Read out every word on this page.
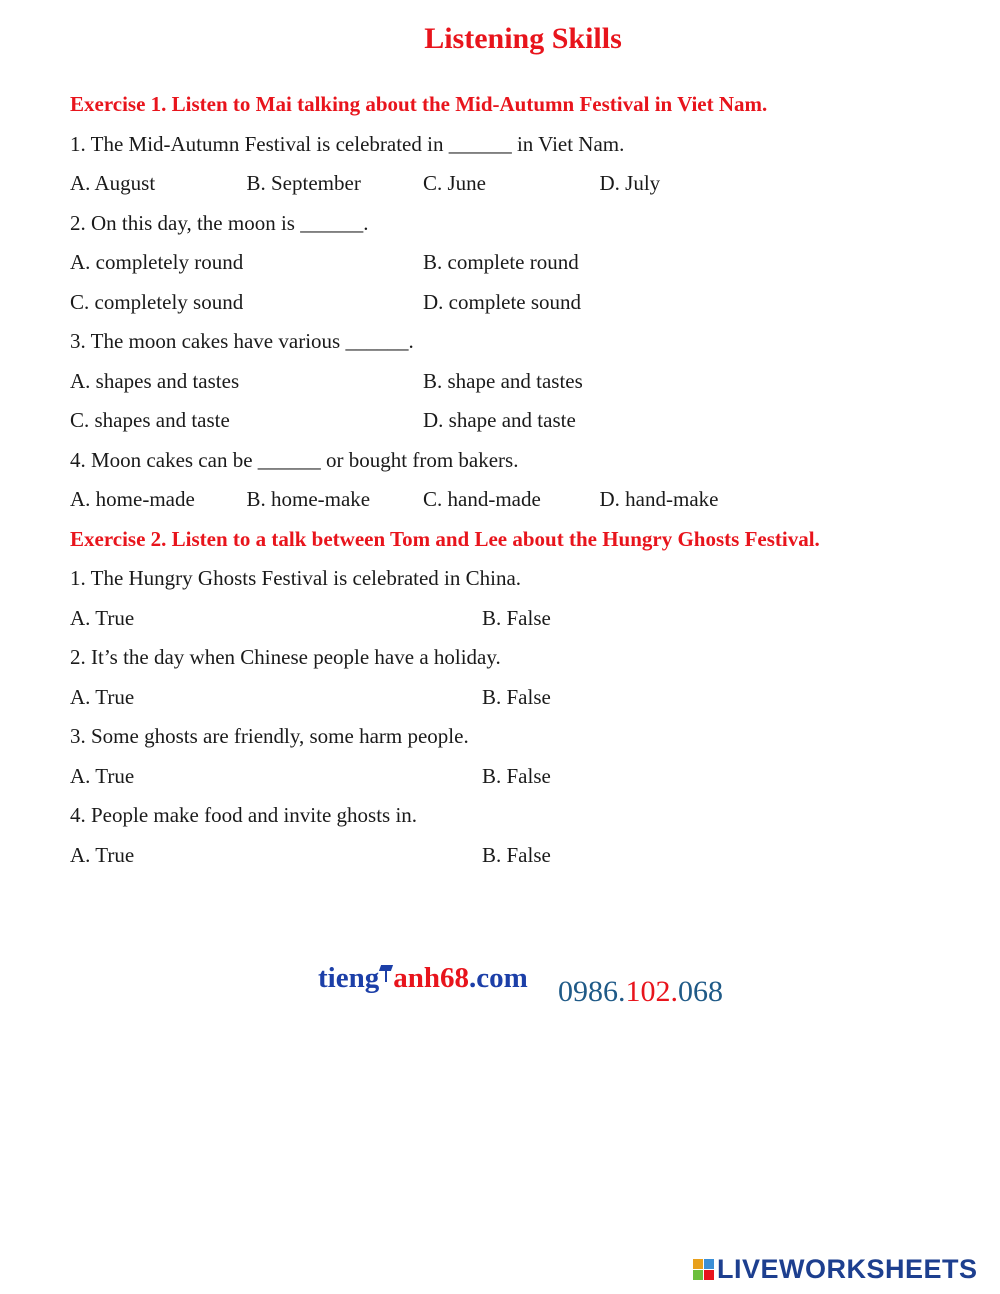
Listening Skills
Exercise 1. Listen to Mai talking about the Mid-Autumn Festival in Viet Nam.
1. The Mid-Autumn Festival is celebrated in ______ in Viet Nam.
A. August	B. September	C. June	D. July
2. On this day, the moon is ______.
A. completely round	B. complete round
C. completely sound	D. complete sound
3. The moon cakes have various ______.
A. shapes and tastes	B. shape and tastes
C. shapes and taste	D. shape and taste
4. Moon cakes can be ______ or bought from bakers.
A. home-made	B. home-make	C. hand-made	D. hand-make
Exercise 2. Listen to a talk between Tom and Lee about the Hungry Ghosts Festival.
1. The Hungry Ghosts Festival is celebrated in China.
A. True	B. False
2. It’s the day when Chinese people have a holiday.
A. True	B. False
3. Some ghosts are friendly, some harm people.
A. True	B. False
4. People make food and invite ghosts in.
A. True	B. False
tieng anh68.com 0986.102.068
LIVEWORKSHEETS
